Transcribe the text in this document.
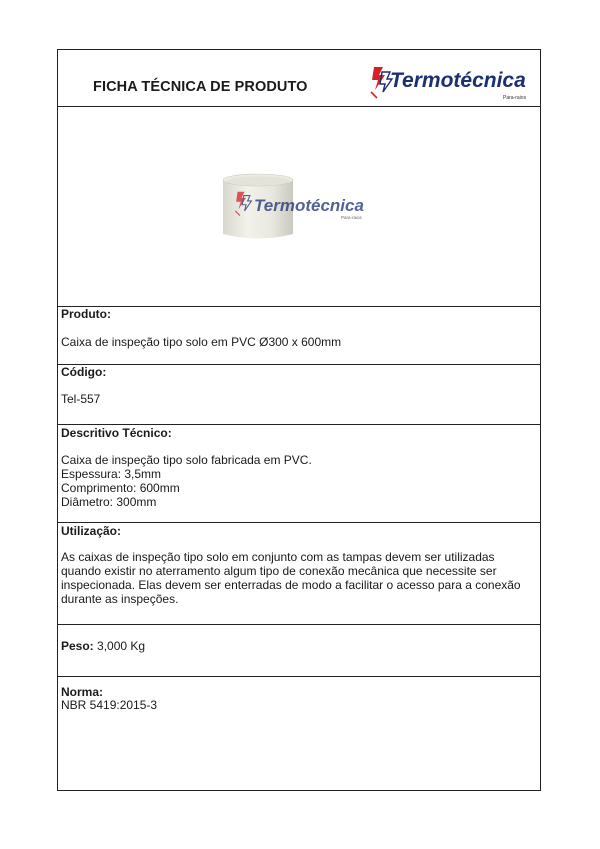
FICHA TÉCNICA DE PRODUTO	Termotécnica
Para-raios
Termotécnica
Para-raios
Produto:
Caixa de inspeção tipo solo em PVC Ø300 x 600mm
Código:
Tel-557
Descritivo Técnico:
Caixa de inspeção tipo solo fabricada em PVC.
Espessura: 3,5mm
Comprimento: 600mm
Diâmetro: 300mm
Utilização:
As caixas de inspeção tipo solo em conjunto com as tampas devem ser utilizadas
quando existir no aterramento algum tipo de conexão mecânica que necessite ser
inspecionada. Elas devem ser enterradas de modo a facilitar o acesso para a conexão
durante as inspeções.
Peso: 3,000 Kg
Norma:
NBR 5419:2015-3
